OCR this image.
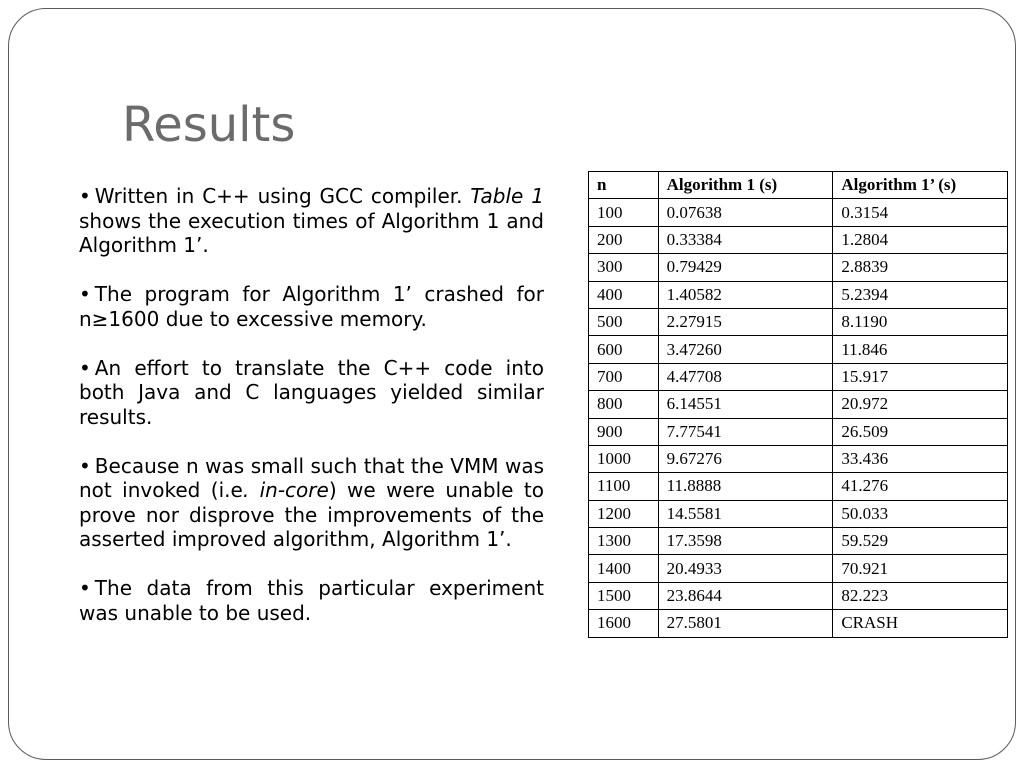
Results
• Written in C++ using GCC compiler. Table 1 shows the execution times of Algorithm 1 and Algorithm 1’.
• The program for Algorithm 1’ crashed for n≥1600 due to excessive memory.
• An effort to translate the C++ code into both Java and C languages yielded similar results.
• Because n was small such that the VMM was not invoked (i.e. in-core) we were unable to prove nor disprove the improvements of the asserted improved algorithm, Algorithm 1’.
• The data from this particular experiment was unable to be used.
n	Algorithm 1 (s)	Algorithm 1’ (s)
100	0.07638	0.3154
200	0.33384	1.2804
300	0.79429	2.8839
400	1.40582	5.2394
500	2.27915	8.1190
600	3.47260	11.846
700	4.47708	15.917
800	6.14551	20.972
900	7.77541	26.509
1000	9.67276	33.436
1100	11.8888	41.276
1200	14.5581	50.033
1300	17.3598	59.529
1400	20.4933	70.921
1500	23.8644	82.223
1600	27.5801	CRASH
